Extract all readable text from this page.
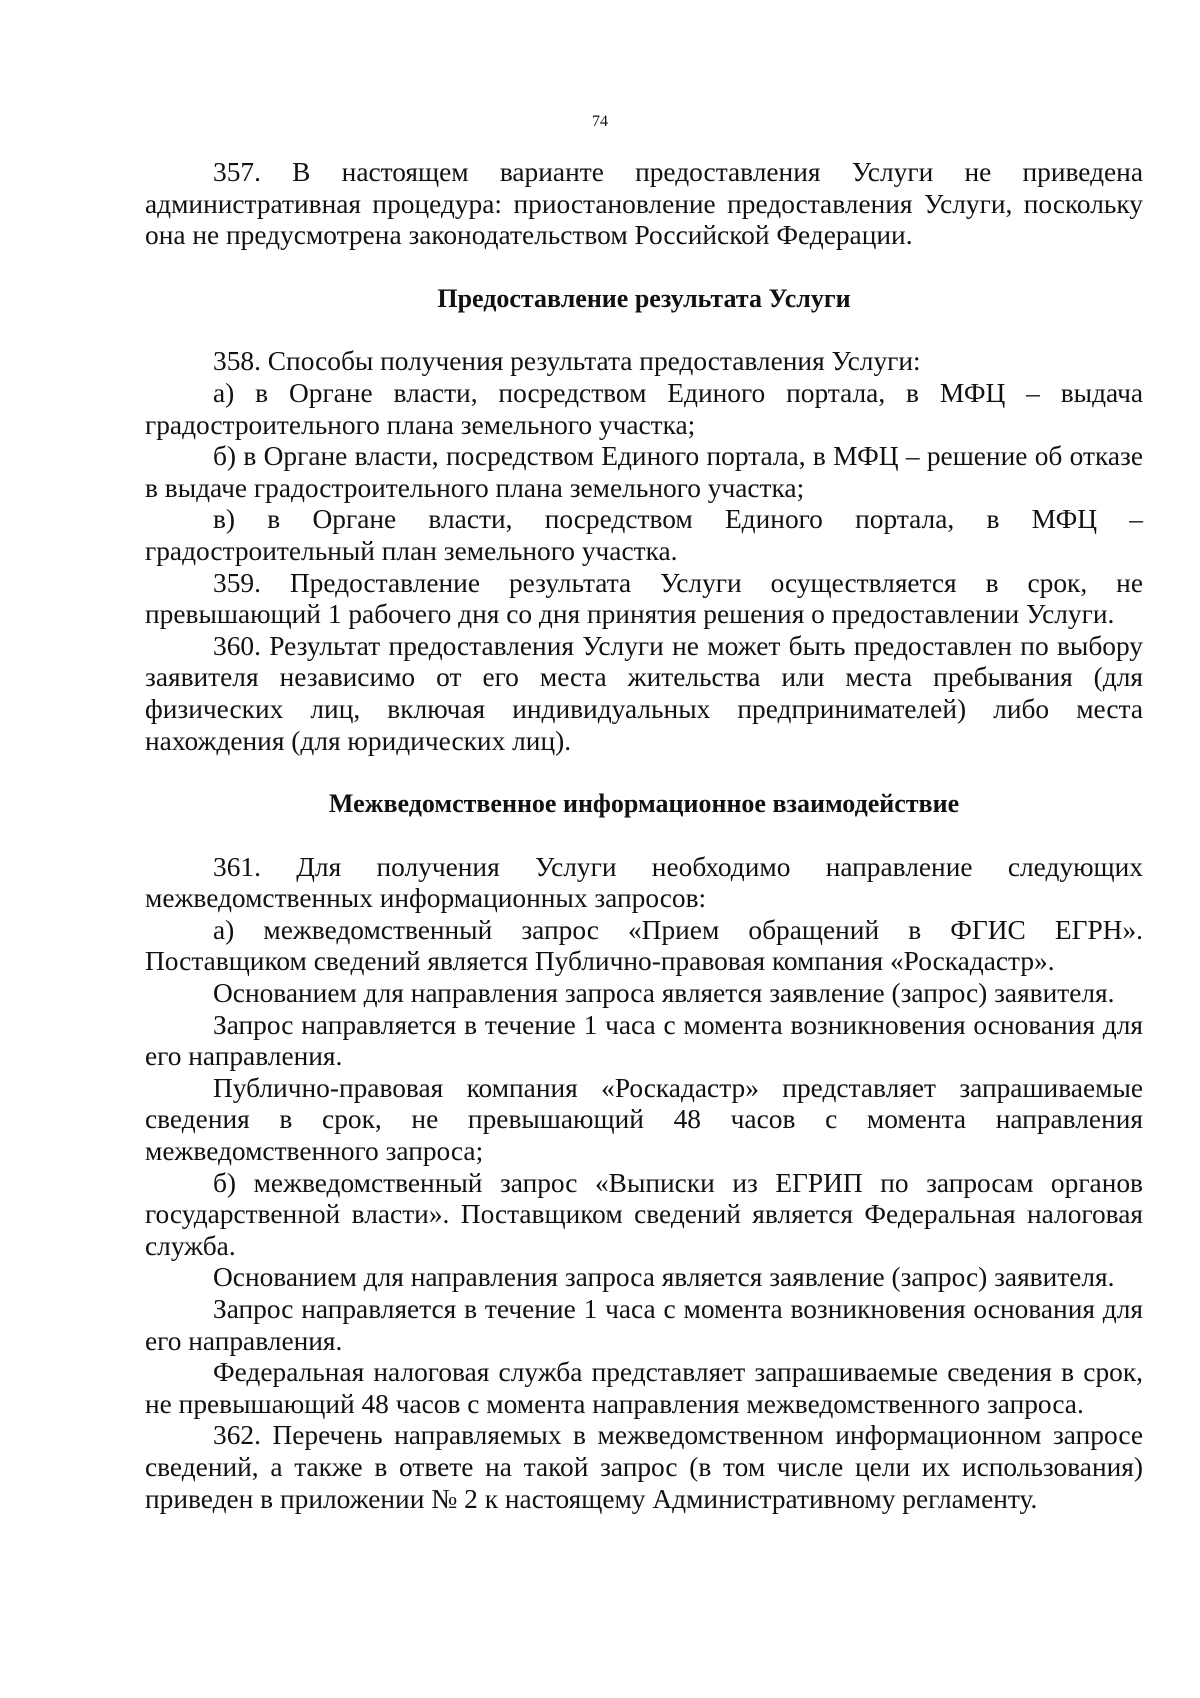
74

357. В настоящем варианте предоставления Услуги не приведена административная процедура: приостановление предоставления Услуги, поскольку она не предусмотрена законодательством Российской Федерации.

Предоставление результата Услуги

358. Способы получения результата предоставления Услуги:

а) в Органе власти, посредством Единого портала, в МФЦ – выдача градостроительного плана земельного участка;

б) в Органе власти, посредством Единого портала, в МФЦ – решение об отказе в выдаче градостроительного плана земельного участка;

в) в Органе власти, посредством Единого портала, в МФЦ – градостроительный план земельного участка.

359. Предоставление результата Услуги осуществляется в срок, не превышающий 1 рабочего дня со дня принятия решения о предоставлении Услуги.

360. Результат предоставления Услуги не может быть предоставлен по выбору заявителя независимо от его места жительства или места пребывания (для физических лиц, включая индивидуальных предпринимателей) либо места нахождения (для юридических лиц).

Межведомственное информационное взаимодействие

361. Для получения Услуги необходимо направление следующих межведомственных информационных запросов:

а) межведомственный запрос «Прием обращений в ФГИС ЕГРН». Поставщиком сведений является Публично-правовая компания «Роскадастр».

Основанием для направления запроса является заявление (запрос) заявителя.

Запрос направляется в течение 1 часа с момента возникновения основания для его направления.

Публично-правовая компания «Роскадастр» представляет запрашиваемые сведения в срок, не превышающий 48 часов с момента направления межведомственного запроса;

б) межведомственный запрос «Выписки из ЕГРИП по запросам органов государственной власти». Поставщиком сведений является Федеральная налоговая служба.

Основанием для направления запроса является заявление (запрос) заявителя.

Запрос направляется в течение 1 часа с момента возникновения основания для его направления.

Федеральная налоговая служба представляет запрашиваемые сведения в срок, не превышающий 48 часов с момента направления межведомственного запроса.

362. Перечень направляемых в межведомственном информационном запросе сведений, а также в ответе на такой запрос (в том числе цели их использования) приведен в приложении № 2 к настоящему Административному регламенту.
